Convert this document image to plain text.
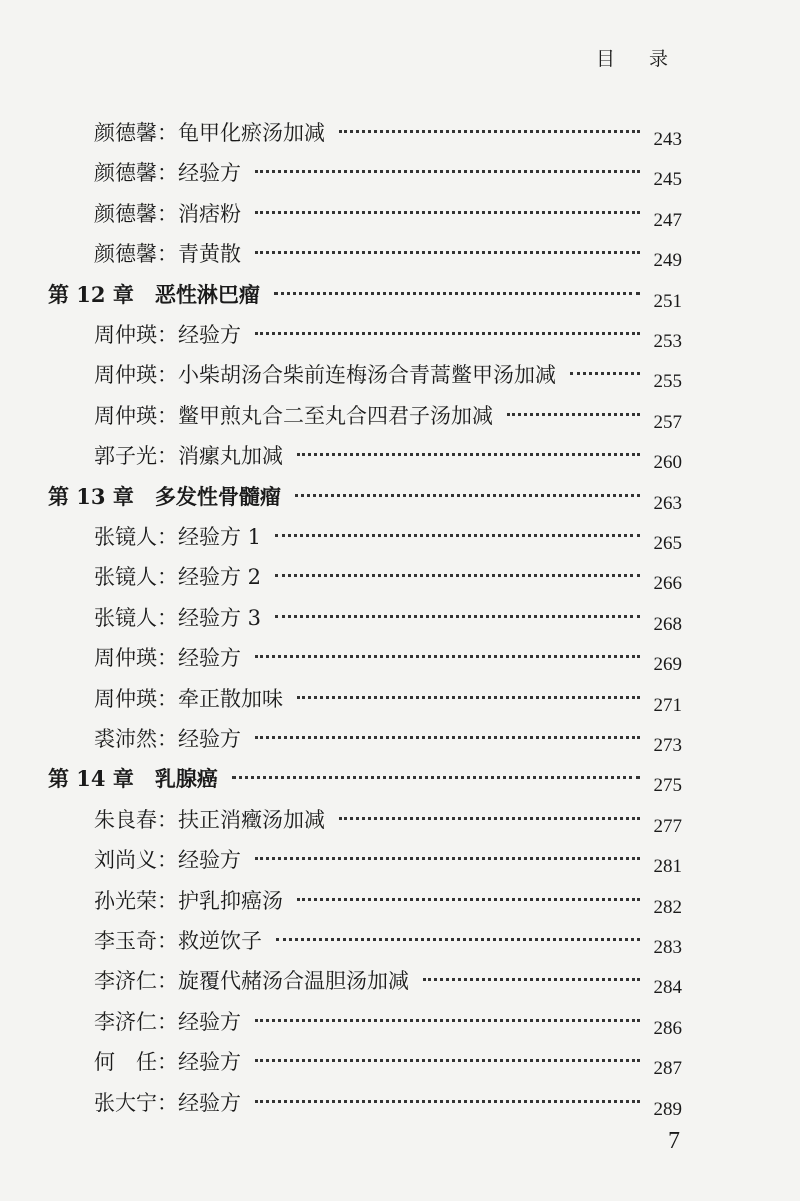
目 录
颜德馨：龟甲化瘀汤加减	243
颜德馨：经验方	245
颜德馨：消痞粉	247
颜德馨：青黄散	249
第 12 章  恶性淋巴瘤	251
周仲瑛：经验方	253
周仲瑛：小柴胡汤合柴前连梅汤合青蒿鳖甲汤加减	255
周仲瑛：鳖甲煎丸合二至丸合四君子汤加减	257
郭子光：消瘰丸加减	260
第 13 章  多发性骨髓瘤	263
张镜人：经验方 1	265
张镜人：经验方 2	266
张镜人：经验方 3	268
周仲瑛：经验方	269
周仲瑛：牵正散加味	271
裘沛然：经验方	273
第 14 章  乳腺癌	275
朱良春：扶正消癥汤加减	277
刘尚义：经验方	281
孙光荣：护乳抑癌汤	282
李玉奇：救逆饮子	283
李济仁：旋覆代赭汤合温胆汤加减	284
李济仁：经验方	286
何　任：经验方	287
张大宁：经验方	289
7
